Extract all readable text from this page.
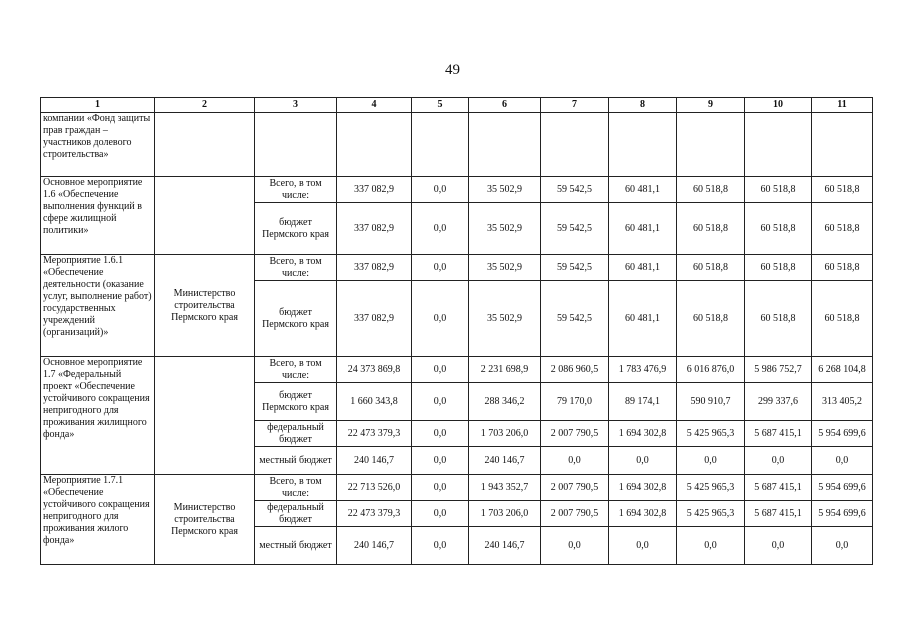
49
1	2	3	4	5	6	7	8	9	10	11
компании «Фонд защиты прав граждан – участников долевого строительства»										
Основное мероприятие 1.6 «Обеспечение выполнения функций в сфере жилищной политики»		Всего, в том числе:	337 082,9	0,0	35 502,9	59 542,5	60 481,1	60 518,8	60 518,8	60 518,8
		бюджет Пермского края	337 082,9	0,0	35 502,9	59 542,5	60 481,1	60 518,8	60 518,8	60 518,8
Мероприятие 1.6.1 «Обеспечение деятельности (оказание услуг, выполнение работ) государственных учреждений (организаций)»	Министерство строительства Пермского края	Всего, в том числе:	337 082,9	0,0	35 502,9	59 542,5	60 481,1	60 518,8	60 518,8	60 518,8
		бюджет Пермского края	337 082,9	0,0	35 502,9	59 542,5	60 481,1	60 518,8	60 518,8	60 518,8
Основное мероприятие 1.7 «Федеральный проект «Обеспечение устойчивого сокращения непригодного для проживания жилищного фонда»		Всего, в том числе:	24 373 869,8	0,0	2 231 698,9	2 086 960,5	1 783 476,9	6 016 876,0	5 986 752,7	6 268 104,8
		бюджет Пермского края	1 660 343,8	0,0	288 346,2	79 170,0	89 174,1	590 910,7	299 337,6	313 405,2
		федеральный бюджет	22 473 379,3	0,0	1 703 206,0	2 007 790,5	1 694 302,8	5 425 965,3	5 687 415,1	5 954 699,6
		местный бюджет	240 146,7	0,0	240 146,7	0,0	0,0	0,0	0,0	0,0
Мероприятие 1.7.1 «Обеспечение устойчивого сокращения непригодного для проживания жилого фонда»	Министерство строительства Пермского края	Всего, в том числе:	22 713 526,0	0,0	1 943 352,7	2 007 790,5	1 694 302,8	5 425 965,3	5 687 415,1	5 954 699,6
		федеральный бюджет	22 473 379,3	0,0	1 703 206,0	2 007 790,5	1 694 302,8	5 425 965,3	5 687 415,1	5 954 699,6
		местный бюджет	240 146,7	0,0	240 146,7	0,0	0,0	0,0	0,0	0,0
